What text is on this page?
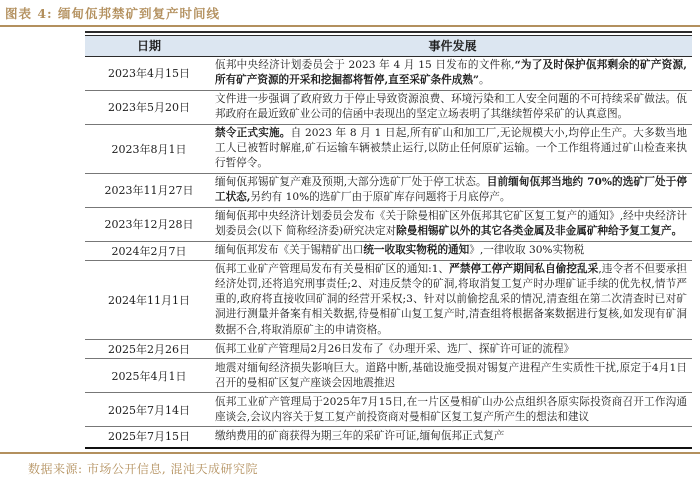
图表 4: 缅甸佤邦禁矿到复产时间线
日期	事件发展
2023年4月15日	佤邦中央经济计划委员会于 2023 年 4 月 15 日发布的文件称,“为了及时保护佤邦剩余的矿产资源,所有矿产资源的开采和挖掘都将暂停,直至采矿条件成熟”。
2023年5月20日	文件进一步强调了政府致力于停止导致资源浪费、环境污染和工人安全问题的不可持续采矿做法。佤邦政府在最近致矿业公司的信函中表现出的坚定立场表明了其继续暂停采矿的认真意图。
2023年8月1日	禁令正式实施。自 2023 年 8 月 1 日起,所有矿山和加工厂,无论规模大小,均停止生产。大多数当地工人已被暂时解雇,矿石运输车辆被禁止运行,以防止任何原矿运输。一个工作组将通过矿山检查来执行暂停令。
2023年11月27日	缅甸佤邦锡矿复产难及预期,大部分选矿厂处于停工状态。目前缅甸佤邦当地约 70%的选矿厂处于停工状态,另约有 10%的选矿厂由于原矿库存问题将于月底停产。
2023年12月28日	缅甸佤邦中央经济计划委员会发布《关于除曼相矿区外佤邦其它矿区复工复产的通知》,经中央经济计划委员会(以下 简称经济委)研究决定对除曼相锡矿以外的其它各类金属及非金属矿种给予复工复产。
2024年2月7日	缅甸佤邦发布《关于锡精矿出口统一收取实物税的通知》,一律收取 30%实物税
2024年11月1日	佤邦工业矿产管理局发布有关曼相矿区的通知:1、严禁停工停产期间私自偷挖乱采,违令者不但要承担经济处罚,还将追究刑事责任;2、对违反禁令的矿洞,将取消复工复产时办理矿证手续的优先权,情节严重的,政府将直接收回矿洞的经营开采权;3、针对以前偷挖乱采的情况,清查组在第二次清查时已对矿洞进行测量并备案有相关数据,待曼相矿山复工复产时,清查组将根据备案数据进行复核,如发现有矿洞数据不合,将取消原矿主的申请资格。
2025年2月26日	佤邦工业矿产管理局2月26日发布了《办理开采、选厂、探矿许可证的流程》
2025年4月1日	地震对缅甸经济损失影响巨大。道路中断,基础设施受损对锡复产进程产生实质性干扰,原定于4月1日召开的曼相矿区复产座谈会因地震推迟
2025年7月14日	佤邦工业矿产管理局于2025年7月15日,在一片区曼相矿山办公点组织各原实际投资商召开工作沟通座谈会,会议内容关于复工复产前投资商对曼相矿区复工复产所产生的想法和建议
2025年7月15日	缴纳费用的矿商获得为期三年的采矿许可证,缅甸佤邦正式复产
数据来源: 市场公开信息, 混沌天成研究院
